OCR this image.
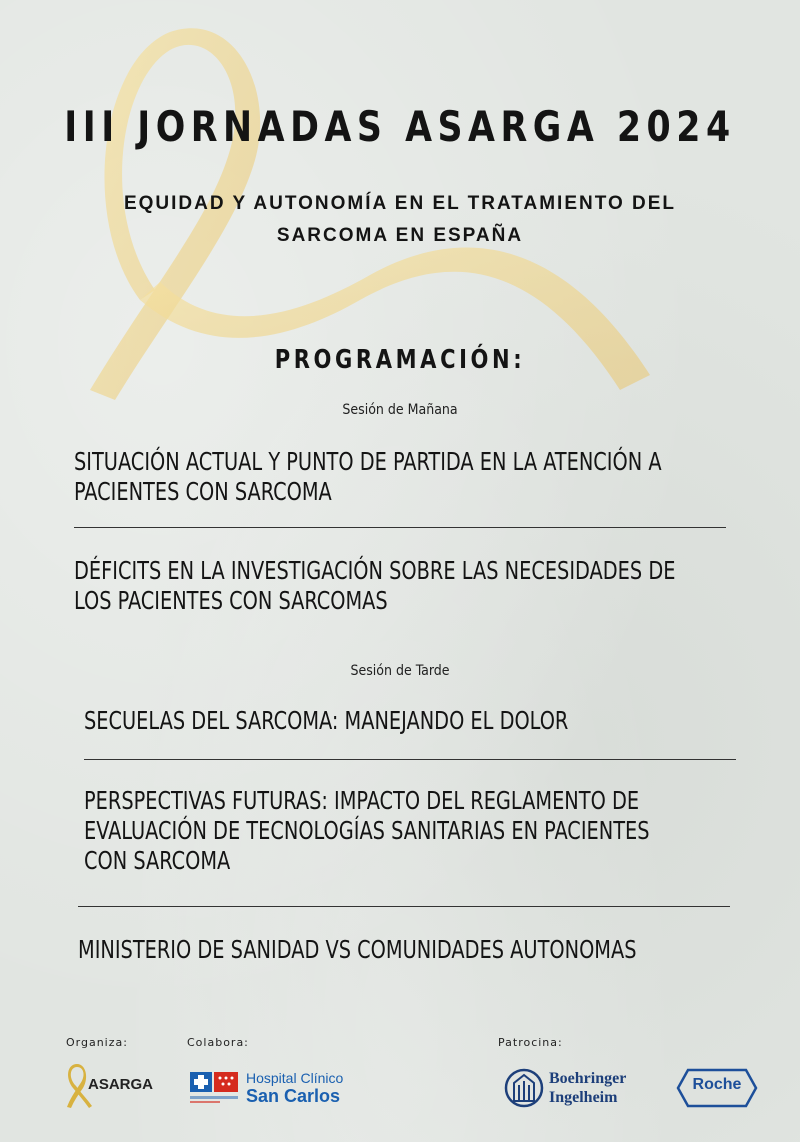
III JORNADAS ASARGA 2024
EQUIDAD Y AUTONOMÍA EN EL TRATAMIENTO DEL
SARCOMA EN ESPAÑA
PROGRAMACIÓN:

Sesión de Mañana

SITUACIÓN ACTUAL Y PUNTO DE PARTIDA EN LA ATENCIÓN A
PACIENTES CON SARCOMA
DÉFICITS EN LA INVESTIGACIÓN SOBRE LAS NECESIDADES DE
LOS PACIENTES CON SARCOMAS

Sesión de Tarde

SECUELAS DEL SARCOMA: MANEJANDO EL DOLOR
PERSPECTIVAS FUTURAS: IMPACTO DEL REGLAMENTO DE
EVALUACIÓN DE TECNOLOGÍAS SANITARIAS EN PACIENTES
CON SARCOMA
MINISTERIO DE SANIDAD VS COMUNIDADES AUTONOMAS
Organiza:	Colabora:	Patrocina:
ASARGA	Hospital Clínico
San Carlos
Boehringer
Ingelheim
Roche
